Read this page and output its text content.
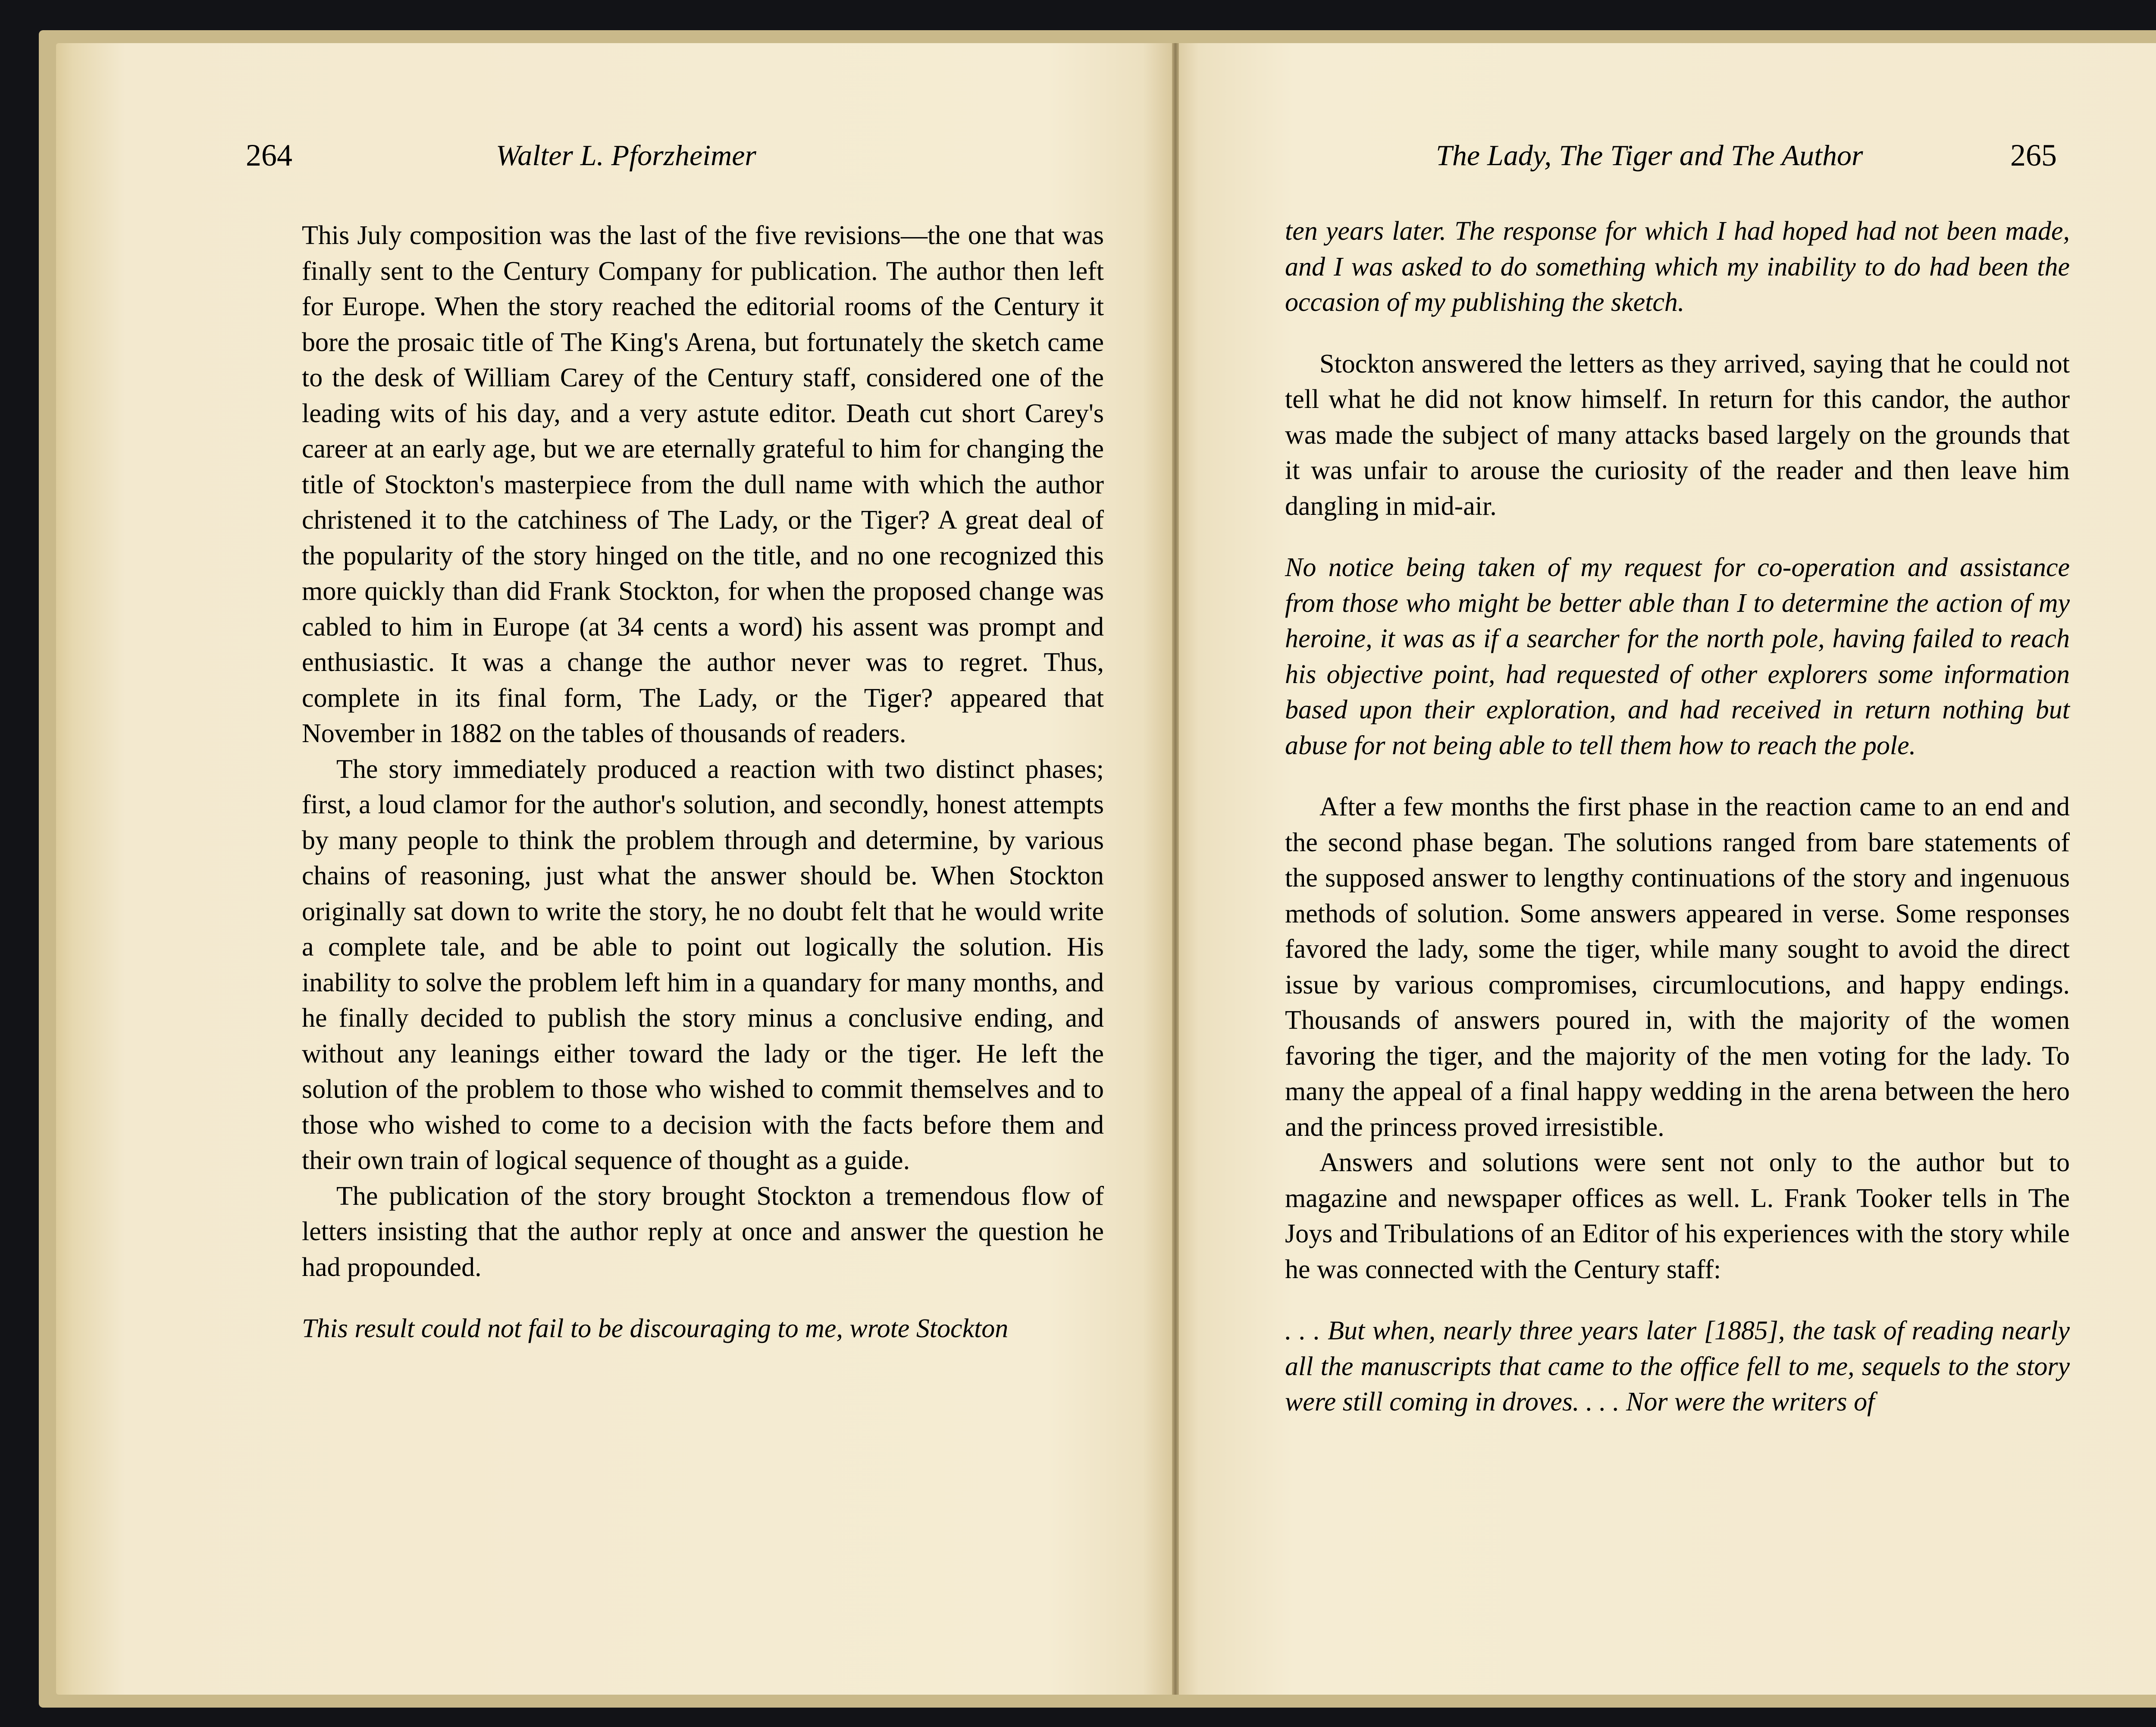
264	Walter L. Pforzheimer	The Lady, The Tiger and The Author	265

This July composition was the last of the five revisions—the one that was finally sent to the Century Company for publication. The author then left for Europe. When the story reached the editorial rooms of the Century it bore the prosaic title of The King's Arena, but fortunately the sketch came to the desk of William Carey of the Century staff, considered one of the leading wits of his day, and a very astute editor. Death cut short Carey's career at an early age, but we are eternally grateful to him for changing the title of Stockton's masterpiece from the dull name with which the author christened it to the catchiness of The Lady, or the Tiger? A great deal of the popularity of the story hinged on the title, and no one recognized this more quickly than did Frank Stockton, for when the proposed change was cabled to him in Europe (at 34 cents a word) his assent was prompt and enthusiastic. It was a change the author never was to regret. Thus, complete in its final form, The Lady, or the Tiger? appeared that November in 1882 on the tables of thousands of readers.

The story immediately produced a reaction with two distinct phases; first, a loud clamor for the author's solution, and secondly, honest attempts by many people to think the problem through and determine, by various chains of reasoning, just what the answer should be. When Stockton originally sat down to write the story, he no doubt felt that he would write a complete tale, and be able to point out logically the solution. His inability to solve the problem left him in a quandary for many months, and he finally decided to publish the story minus a conclusive ending, and without any leanings either toward the lady or the tiger. He left the solution of the problem to those who wished to commit themselves and to those who wished to come to a decision with the facts before them and their own train of logical sequence of thought as a guide.

The publication of the story brought Stockton a tremendous flow of letters insisting that the author reply at once and answer the question he had propounded.

This result could not fail to be discouraging to me, wrote Stockton

ten years later. The response for which I had hoped had not been made, and I was asked to do something which my inability to do had been the occasion of my publishing the sketch.

Stockton answered the letters as they arrived, saying that he could not tell what he did not know himself. In return for this candor, the author was made the subject of many attacks based largely on the grounds that it was unfair to arouse the curiosity of the reader and then leave him dangling in mid-air.

No notice being taken of my request for co-operation and assistance from those who might be better able than I to determine the action of my heroine, it was as if a searcher for the north pole, having failed to reach his objective point, had requested of other explorers some information based upon their exploration, and had received in return nothing but abuse for not being able to tell them how to reach the pole.

After a few months the first phase in the reaction came to an end and the second phase began. The solutions ranged from bare statements of the supposed answer to lengthy continuations of the story and ingenuous methods of solution. Some answers appeared in verse. Some responses favored the lady, some the tiger, while many sought to avoid the direct issue by various compromises, circumlocutions, and happy endings. Thousands of answers poured in, with the majority of the women favoring the tiger, and the majority of the men voting for the lady. To many the appeal of a final happy wedding in the arena between the hero and the princess proved irresistible.

Answers and solutions were sent not only to the author but to magazine and newspaper offices as well. L. Frank Tooker tells in The Joys and Tribulations of an Editor of his experiences with the story while he was connected with the Century staff:

. . . But when, nearly three years later [1885], the task of reading nearly all the manuscripts that came to the office fell to me, sequels to the story were still coming in droves. . . . Nor were the writers of
